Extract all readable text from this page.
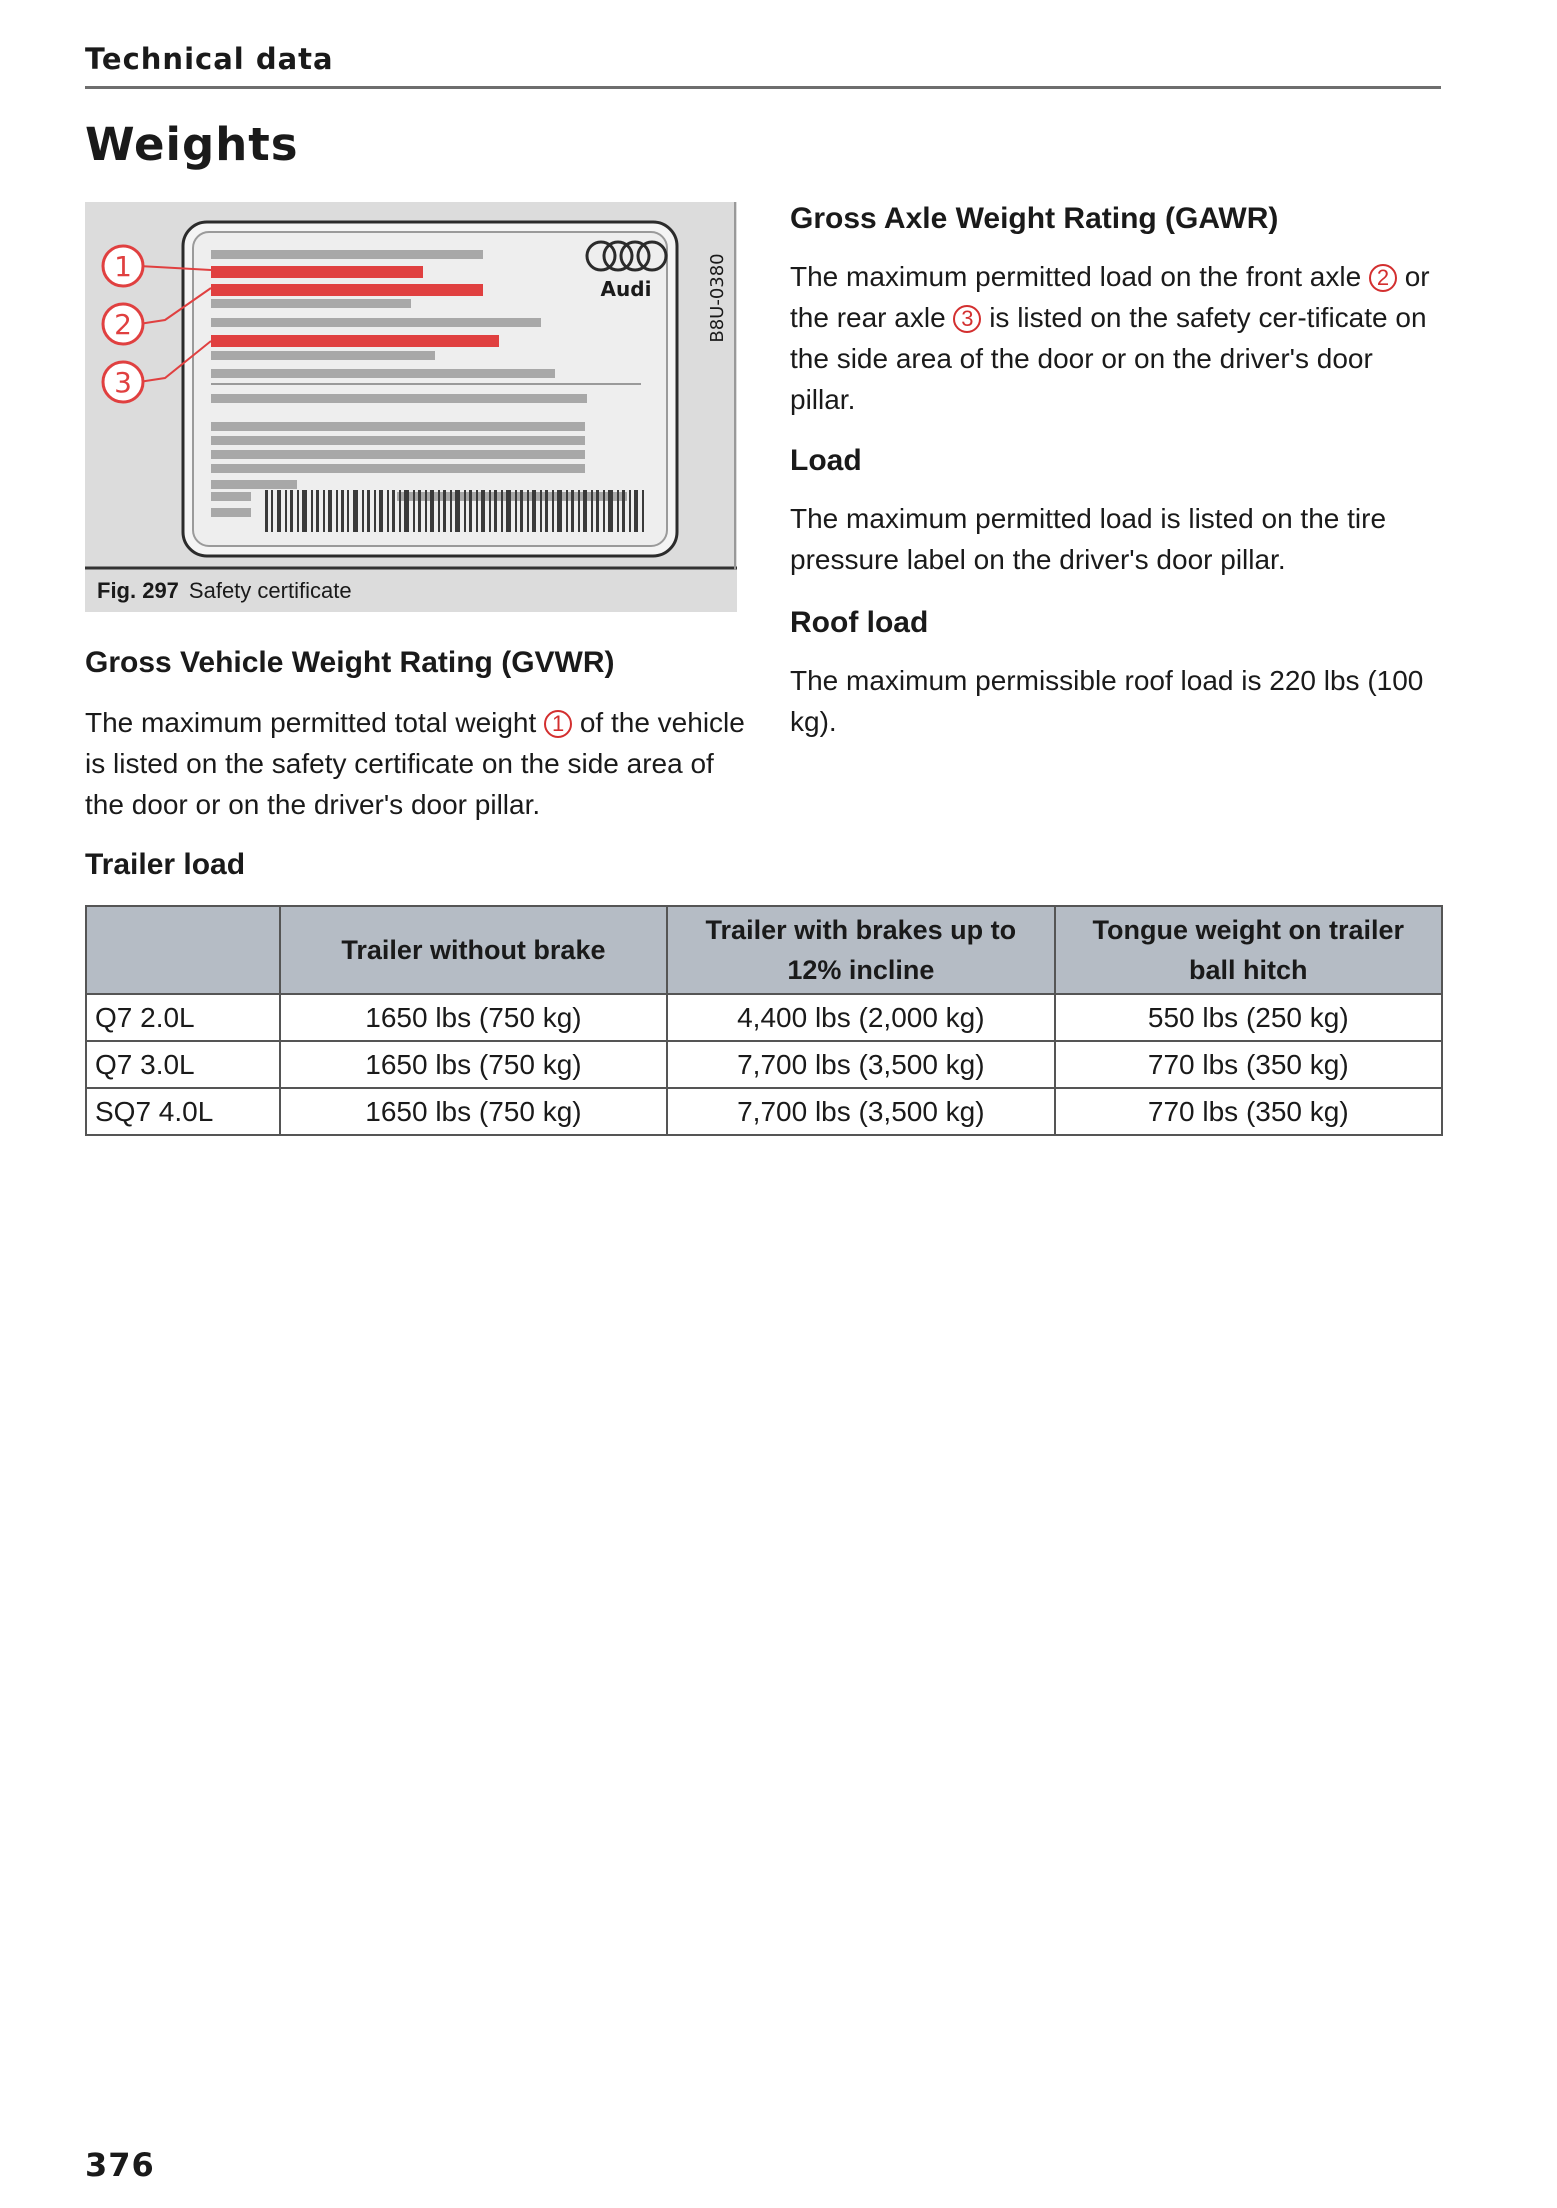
Technical data
Weights
Audi
1
2
3
B8U-0380
Fig. 297 Safety certificate
Gross Vehicle Weight Rating (GVWR)

The maximum permitted total weight 1 of the vehicle is listed on the safety certificate on the side area of the door or on the driver's door pillar.

Gross Axle Weight Rating (GAWR)

The maximum permitted load on the front axle 2 or the rear axle 3 is listed on the safety cer-tificate on the side area of the door or on the driver's door pillar.

Load

The maximum permitted load is listed on the tire pressure label on the driver's door pillar.

Roof load

The maximum permissible roof load is 220 lbs (100 kg).

Trailer load
	Trailer without brake	Trailer with brakes up to 12% incline	Tongue weight on trailer ball hitch
Q7 2.0L	1650 lbs (750 kg)	4,400 lbs (2,000 kg)	550 lbs (250 kg)
Q7 3.0L	1650 lbs (750 kg)	7,700 lbs (3,500 kg)	770 lbs (350 kg)
SQ7 4.0L	1650 lbs (750 kg)	7,700 lbs (3,500 kg)	770 lbs (350 kg)
376
